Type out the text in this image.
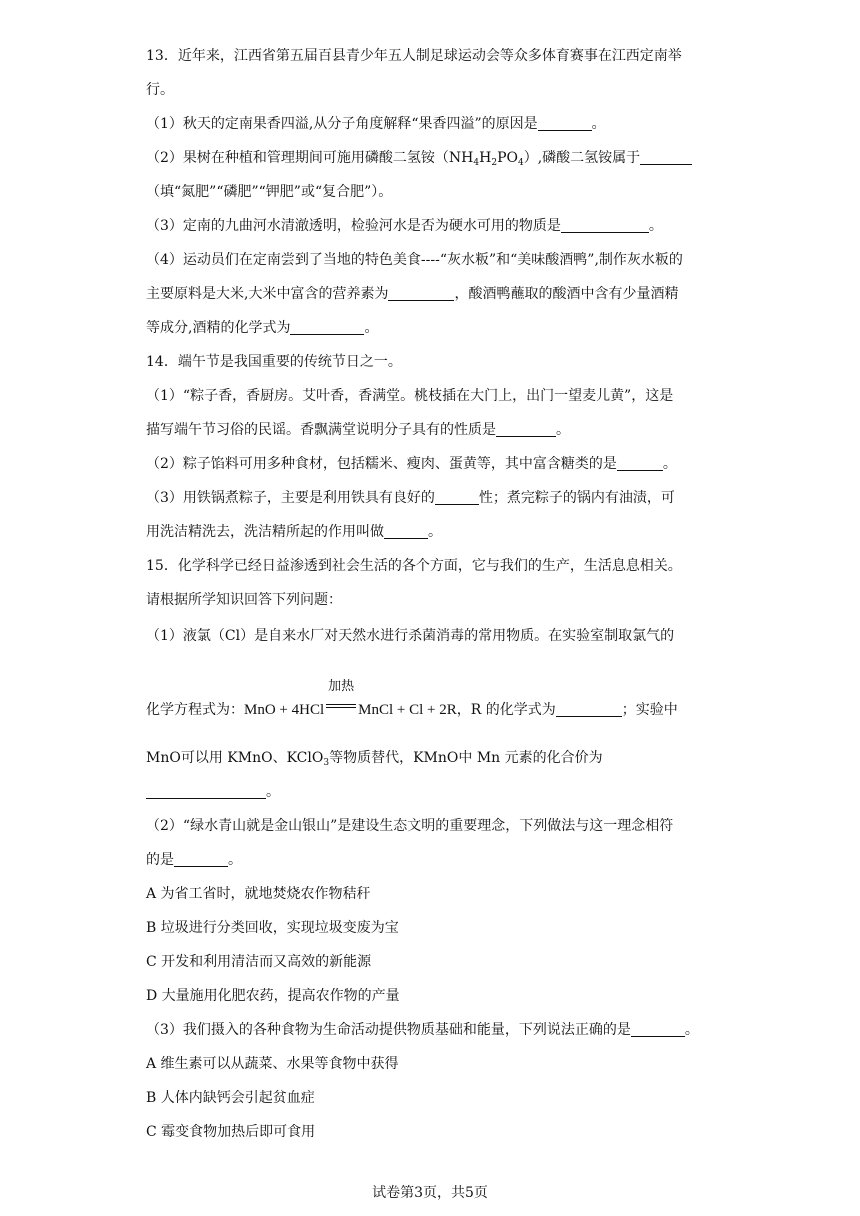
13．近年来，江西省第五届百县青少年五人制足球运动会等众多体育赛事在江西定南举
行。
（1）秋天的定南果香四溢,从分子角度解释“果香四溢”的原因是	。
（2）果树在种植和管理期间可施用磷酸二氢铵$(NH_4H_2PO_4)$,磷酸二氢铵属于
（填“氮肥”“磷肥”“钾肥”或“复合肥”）。
（3）定南的九曲河水清澈透明，检验河水是否为硬水可用的物质是	。
（4）运动员们在定南尝到了当地的特色美食----“灰水粄”和“美味酸酒鸭”,制作灰水粄的
主要原料是大米,大米中富含的营养素为	，酸酒鸭蘸取的酸酒中含有少量酒精
等成分,酒精的化学式为	。
14．端午节是我国重要的传统节日之一。
（1）“粽子香，香厨房。艾叶香，香满堂。桃枝插在大门上，出门一望麦儿黄”，这是
描写端午节习俗的民谣。香飘满堂说明分子具有的性质是	。
（2）粽子馅料可用多种食材，包括糯米、瘦肉、蛋黄等，其中富含糖类的是	。
（3）用铁锅煮粽子，主要是利用铁具有良好的	性；煮完粽子的锅内有油渍，可
用洗洁精洗去，洗洁精所起的作用叫做	。
15．化学科学已经日益渗透到社会生活的各个方面，它与我们的生产，生活息息相关。
请根据所学知识回答下列问题：
（1）液氯（Cl）是自来水厂对天然水进行杀菌消毒的常用物质。在实验室制取氯气的
化学方程式为：MnO + 4HCl
加热
MnCl + Cl + 2R，R 的化学式为	；实验中
MnO可以用 KMnO、KClO$_3$等物质替代，KMnO中 Mn 元素的化合价为
。
（2）“绿水青山就是金山银山”是建设生态文明的重要理念，下列做法与这一理念相符
的是	。
A 为省工省时，就地焚烧农作物秸秆
B 垃圾进行分类回收，实现垃圾变废为宝
C 开发和利用清洁而又高效的新能源
D 大量施用化肥农药，提高农作物的产量
（3）我们摄入的各种食物为生命活动提供物质基础和能量，下列说法正确的是	。
A 维生素可以从蔬菜、水果等食物中获得
B 人体内缺钙会引起贫血症
C 霉变食物加热后即可食用
试卷第3页，共5页
